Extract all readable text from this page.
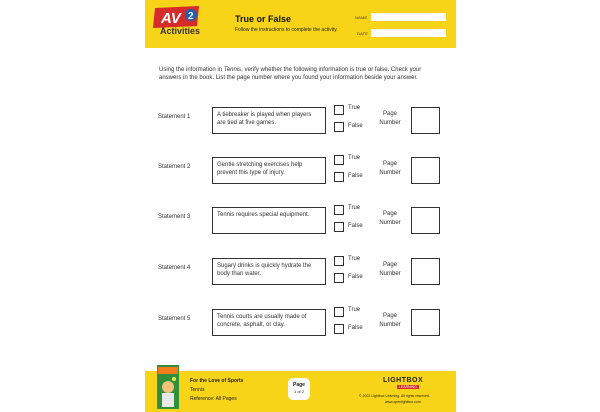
AV 2
Activities
True or False
Follow the instructions to complete the activity.
NAME
DATE
Using the information in Tennis, verify whether the following information is true or false. Check your answers in the book. List the page number where you found your information beside your answer.
Statement 1	A tiebreaker is played when players are tied at five games.
True
False
Page Number
Statement 2	Gentle stretching exercises help prevent this type of injury.
True
False
Page Number
Statement 3	Tennis requires special equipment.
True
False
Page Number
Statement 4	Sugary drinks is quickly hydrate the body than water.
True
False
Page Number
Statement 5	Tennis courts are usually made of concrete, asphalt, or clay.
True
False
Page Number
For the Love of Sports
Tennis
Reference: All Pages
Page
1 of 2
LIGHTBOX
LEARNING
© 2022 Lightbox Learning. All rights reserved.
www.openlightbox.com
